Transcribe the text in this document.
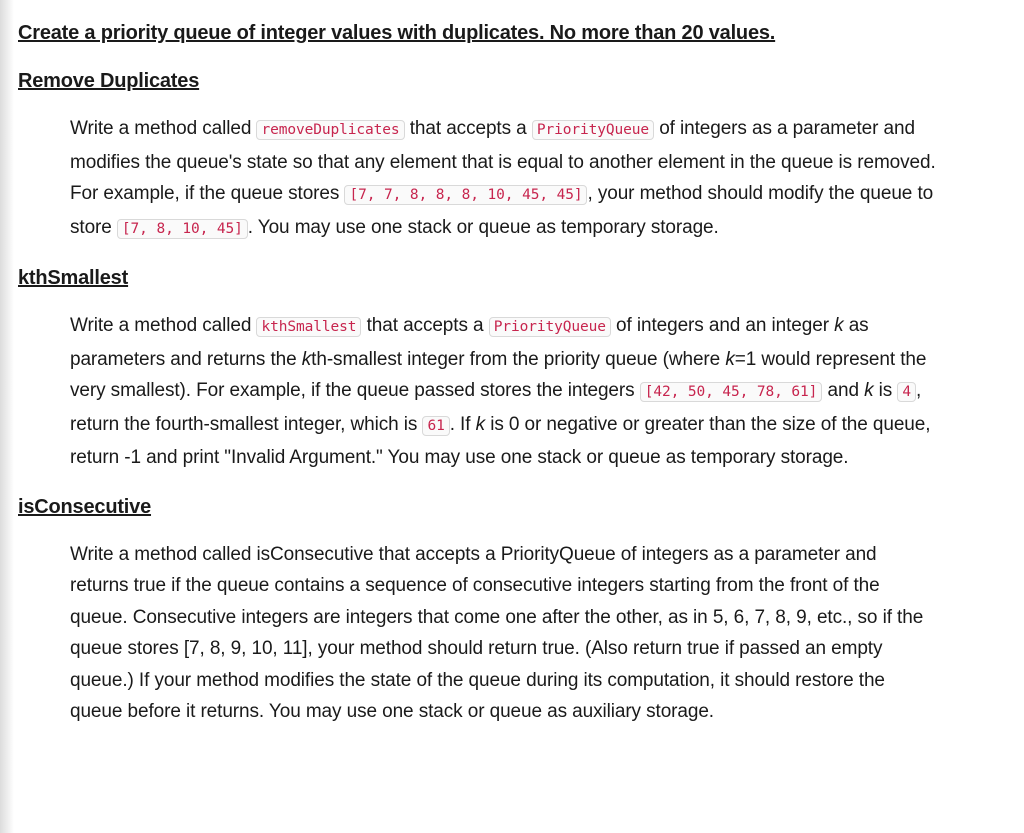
Create a priority queue of integer values with duplicates. No more than 20 values.

Remove Duplicates

Write a method called removeDuplicates that accepts a PriorityQueue of integers as a parameter and modifies the queue's state so that any element that is equal to another element in the queue is removed. For example, if the queue stores [7, 7, 8, 8, 8, 10, 45, 45] , your method should modify the queue to store [7, 8, 10, 45] . You may use one stack or queue as temporary storage.

kthSmallest

Write a method called kthSmallest that accepts a PriorityQueue of integers and an integer k as parameters and returns the kth-smallest integer from the priority queue (where k=1 would represent the very smallest). For example, if the queue passed stores the integers [42, 50, 45, 78, 61] and k is 4 , return the fourth-smallest integer, which is 61 . If k is 0 or negative or greater than the size of the queue, return -1 and print "Invalid Argument." You may use one stack or queue as temporary storage.

isConsecutive

Write a method called isConsecutive that accepts a PriorityQueue of integers as a parameter and returns true if the queue contains a sequence of consecutive integers starting from the front of the queue. Consecutive integers are integers that come one after the other, as in 5, 6, 7, 8, 9, etc., so if the queue stores [7, 8, 9, 10, 11], your method should return true. (Also return true if passed an empty queue.) If your method modifies the state of the queue during its computation, it should restore the queue before it returns. You may use one stack or queue as auxiliary storage.
